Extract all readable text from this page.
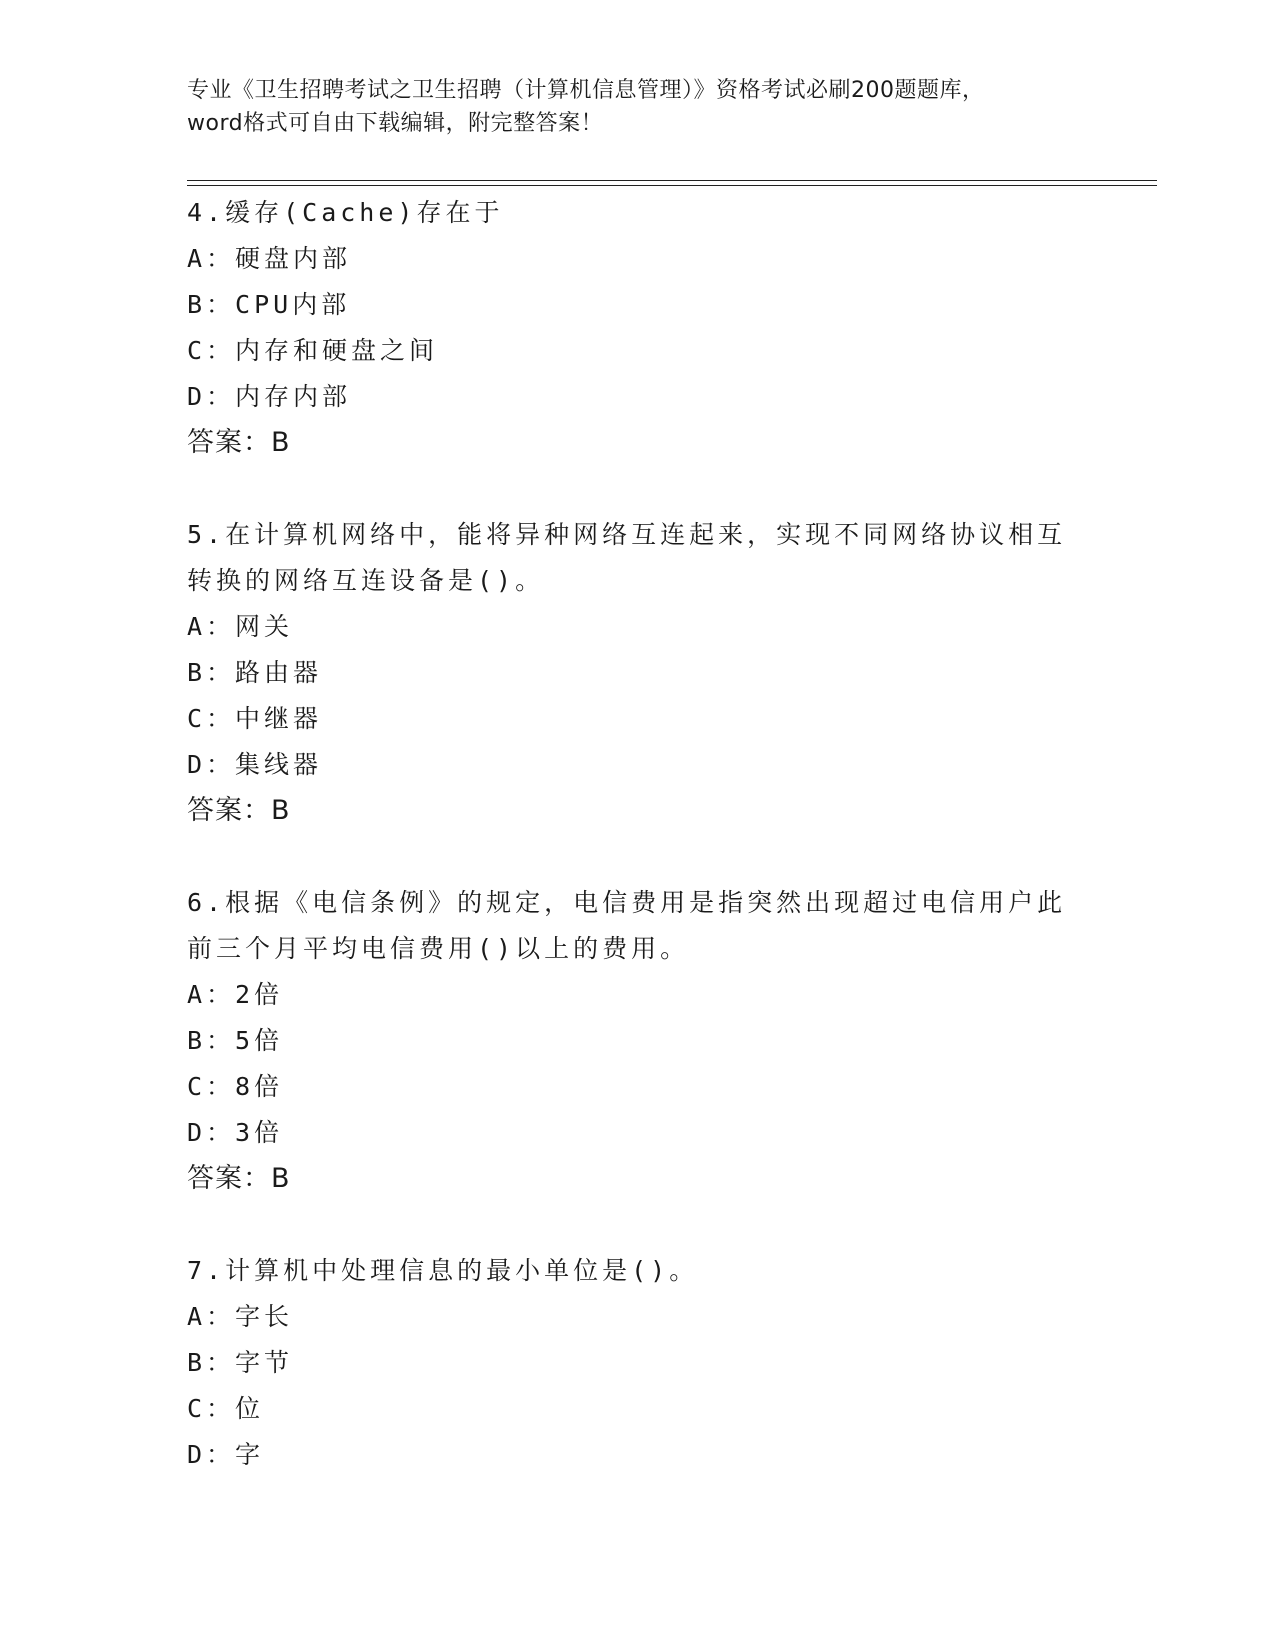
专业《卫生招聘考试之卫生招聘（计算机信息管理）》资格考试必刷200题题库，
word格式可自由下载编辑，附完整答案！
4.缓存(Cache)存在于
A：硬盘内部
B：CPU内部
C：内存和硬盘之间
D：内存内部
答案：B
5.在计算机网络中，能将异种网络互连起来，实现不同网络协议相互
转换的网络互连设备是()。
A：网关
B：路由器
C：中继器
D：集线器
答案：B
6.根据《电信条例》的规定，电信费用是指突然出现超过电信用户此
前三个月平均电信费用()以上的费用。
A：2倍
B：5倍
C：8倍
D：3倍
答案：B
7.计算机中处理信息的最小单位是()。
A：字长
B：字节
C：位
D：字
